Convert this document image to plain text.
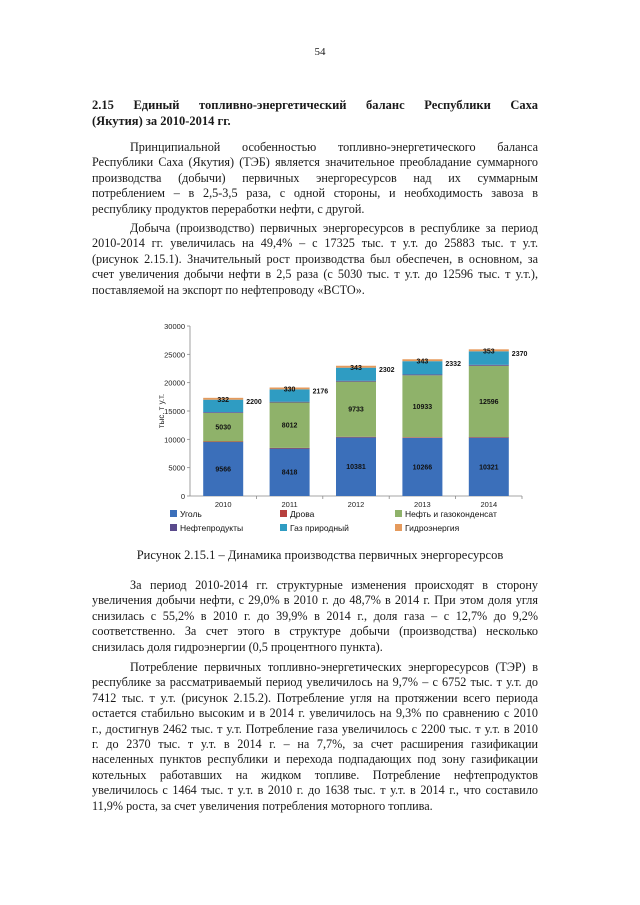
54
2.15   Единый   топливно-энергетический   баланс   Республики   Саха
(Якутия) за 2010-2014 гг.
Принципиальной особенностью топливно-энергетического баланса
Республики Саха (Якутия) (ТЭБ) является значительное преобладание суммарного
производства (добычи) первичных энергоресурсов над их суммарным
потреблением – в 2,5-3,5 раза, с одной стороны, и необходимость завоза в
республику продуктов переработки нефти, с другой.
Добыча (производство) первичных энергоресурсов в республике за период
2010-2014 гг. увеличилась на 49,4% – с 17325 тыс. т у.т. до 25883 тыс. т у.т.
(рисунок 2.15.1). Значительный рост производства был обеспечен, в основном, за
счет увеличения добычи нефти в 2,5 раза (с 5030 тыс. т у.т. до 12596 тыс. т у.т.),
поставляемой на экспорт по нефтепроводу «ВСТО».
тыс. т у.т.
0
5000
10000
15000
20000
25000
30000
9566
5030
2200
332
2010
8418
8012
2176
330
2011
10381
9733
2302
343
2012
10266
10933
2332
343
2013
10321
12596
2370
353
2014
Уголь	Дрова	Нефть и газоконденсат
Нефтепродукты	Газ природный	Гидроэнергия
Рисунок 2.15.1 – Динамика производства первичных энергоресурсов
За период 2010-2014 гг. структурные изменения происходят в сторону
увеличения добычи нефти, с 29,0% в 2010 г. до 48,7% в 2014 г. При этом доля угля
снизилась с 55,2% в 2010 г. до 39,9% в 2014 г., доля газа – с 12,7% до 9,2%
соответственно. За счет этого в структуре добычи (производства) несколько
снизилась доля гидроэнергии (0,5 процентного пункта).
Потребление первичных топливно-энергетических энергоресурсов (ТЭР) в
республике за рассматриваемый период увеличилось на 9,7% – с 6752 тыс. т у.т. до
7412 тыс. т у.т. (рисунок 2.15.2). Потребление угля на протяжении всего периода
остается стабильно высоким и в 2014 г. увеличилось на 9,3% по сравнению с 2010
г., достигнув 2462 тыс. т у.т. Потребление газа увеличилось с 2200 тыс. т у.т. в 2010
г. до 2370 тыс. т у.т. в 2014 г. – на 7,7%, за счет расширения газификации
населенных пунктов республики и перехода подпадающих под зону газификации
котельных работавших на жидком топливе. Потребление нефтепродуктов
увеличилось с 1464 тыс. т у.т. в 2010 г. до 1638 тыс. т у.т. в 2014 г., что составило
11,9% роста, за счет увеличения потребления моторного топлива.
